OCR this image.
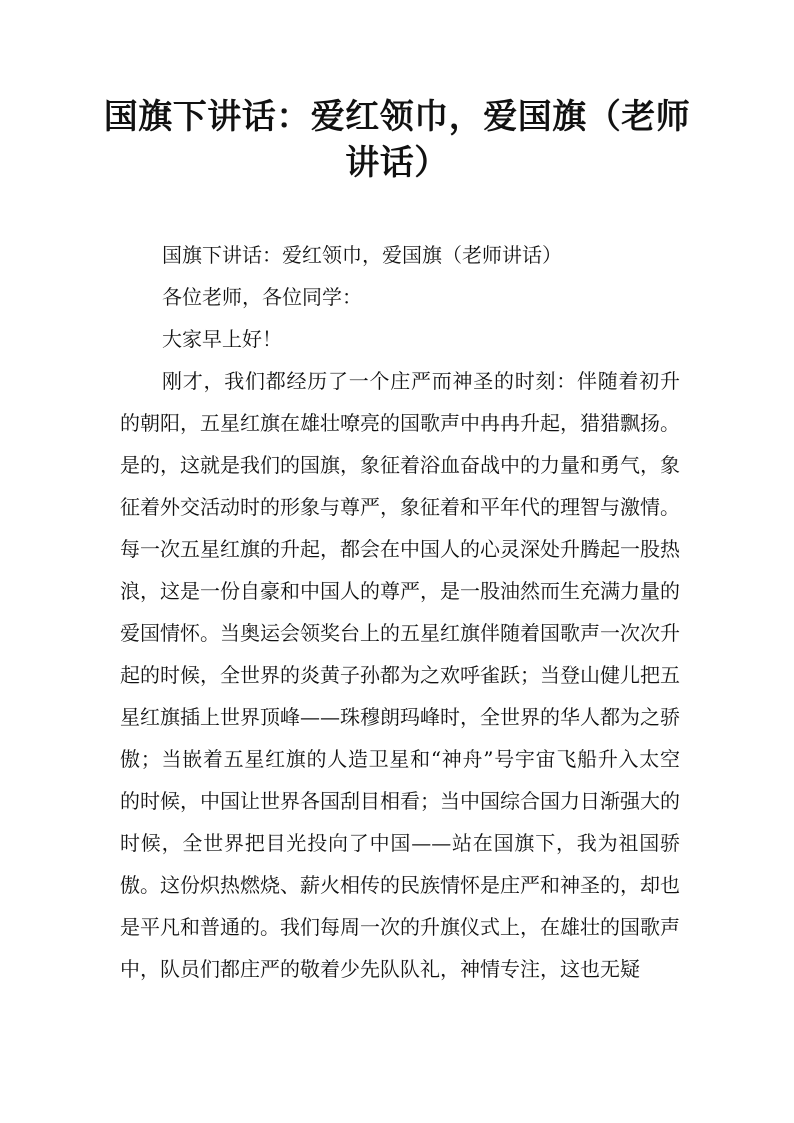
国旗下讲话：爱红领巾，爱国旗（老师讲话）

国旗下讲话：爱红领巾，爱国旗（老师讲话）

各位老师，各位同学：

大家早上好！

刚才，我们都经历了一个庄严而神圣的时刻：伴随着初升的朝阳，五星红旗在雄壮嘹亮的国歌声中冉冉升起，猎猎飘扬。是的，这就是我们的国旗，象征着浴血奋战中的力量和勇气，象征着外交活动时的形象与尊严，象征着和平年代的理智与激情。每一次五星红旗的升起，都会在中国人的心灵深处升腾起一股热浪，这是一份自豪和中国人的尊严，是一股油然而生充满力量的爱国情怀。当奥运会领奖台上的五星红旗伴随着国歌声一次次升起的时候，全世界的炎黄子孙都为之欢呼雀跃；当登山健儿把五星红旗插上世界顶峰——珠穆朗玛峰时，全世界的华人都为之骄傲；当嵌着五星红旗的人造卫星和“神舟”号宇宙飞船升入太空的时候，中国让世界各国刮目相看；当中国综合国力日渐强大的时候，全世界把目光投向了中国——站在国旗下，我为祖国骄傲。这份炽热燃烧、薪火相传的民族情怀是庄严和神圣的，却也是平凡和普通的。我们每周一次的升旗仪式上，在雄壮的国歌声中，队员们都庄严的敬着少先队队礼，神情专注，这也无疑
